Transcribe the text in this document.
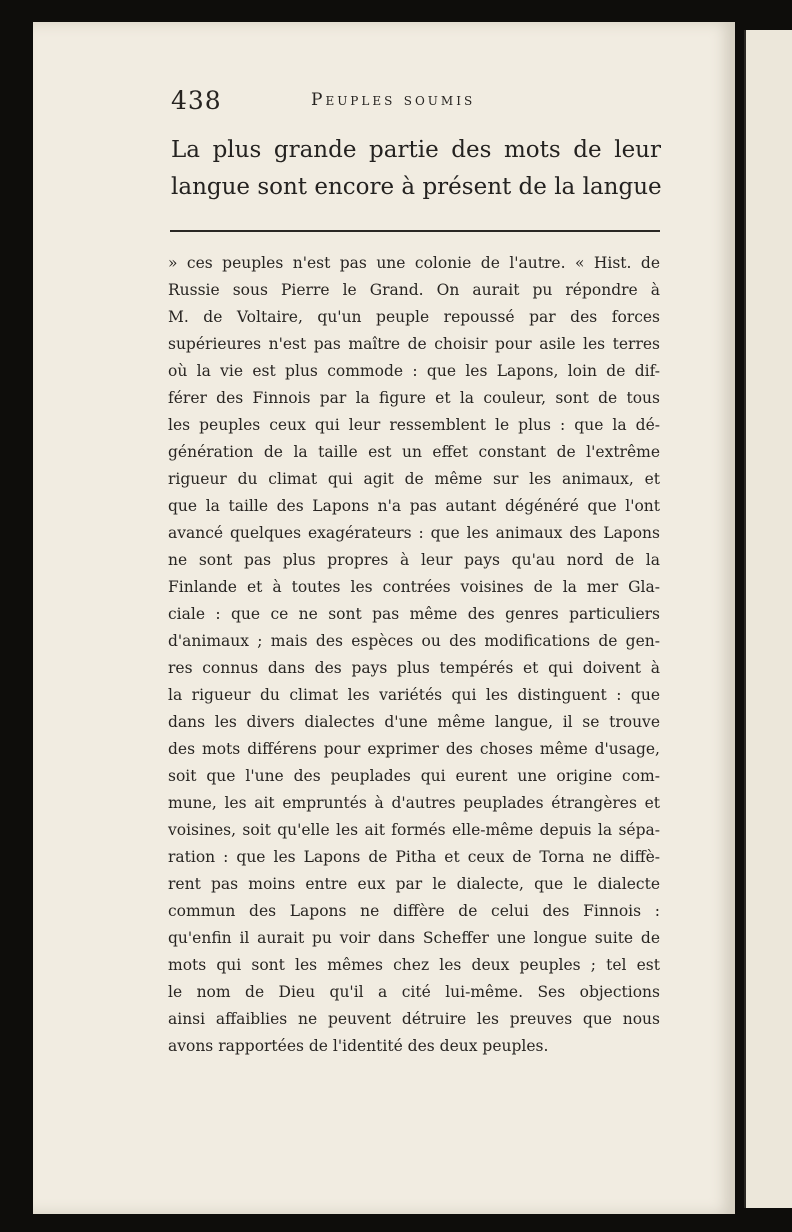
438	Peuples soumis
La plus grande partie des mots de leur
langue sont encore à présent de la langue
» ces peuples n'est pas une colonie de l'autre. « Hist. de
Russie sous Pierre le Grand. On aurait pu répondre à
M. de Voltaire, qu'un peuple repoussé par des forces
supérieures n'est pas maître de choisir pour asile les terres
où la vie est plus commode : que les Lapons, loin de dif-
férer des Finnois par la figure et la couleur, sont de tous
les peuples ceux qui leur ressemblent le plus : que la dé-
génération de la taille est un effet constant de l'extrême
rigueur du climat qui agit de même sur les animaux, et
que la taille des Lapons n'a pas autant dégénéré que l'ont
avancé quelques exagérateurs : que les animaux des Lapons
ne sont pas plus propres à leur pays qu'au nord de la
Finlande et à toutes les contrées voisines de la mer Gla-
ciale : que ce ne sont pas même des genres particuliers
d'animaux ; mais des espèces ou des modifications de gen-
res connus dans des pays plus tempérés et qui doivent à
la rigueur du climat les variétés qui les distinguent : que
dans les divers dialectes d'une même langue, il se trouve
des mots différens pour exprimer des choses même d'usage,
soit que l'une des peuplades qui eurent une origine com-
mune, les ait empruntés à d'autres peuplades étrangères et
voisines, soit qu'elle les ait formés elle-même depuis la sépa-
ration : que les Lapons de Pitha et ceux de Torna ne diffè-
rent pas moins entre eux par le dialecte, que le dialecte
commun des Lapons ne diffère de celui des Finnois :
qu'enfin il aurait pu voir dans Scheffer une longue suite de
mots qui sont les mêmes chez les deux peuples ; tel est
le nom de Dieu qu'il a cité lui-même. Ses objections
ainsi affaiblies ne peuvent détruire les preuves que nous
avons rapportées de l'identité des deux peuples.
